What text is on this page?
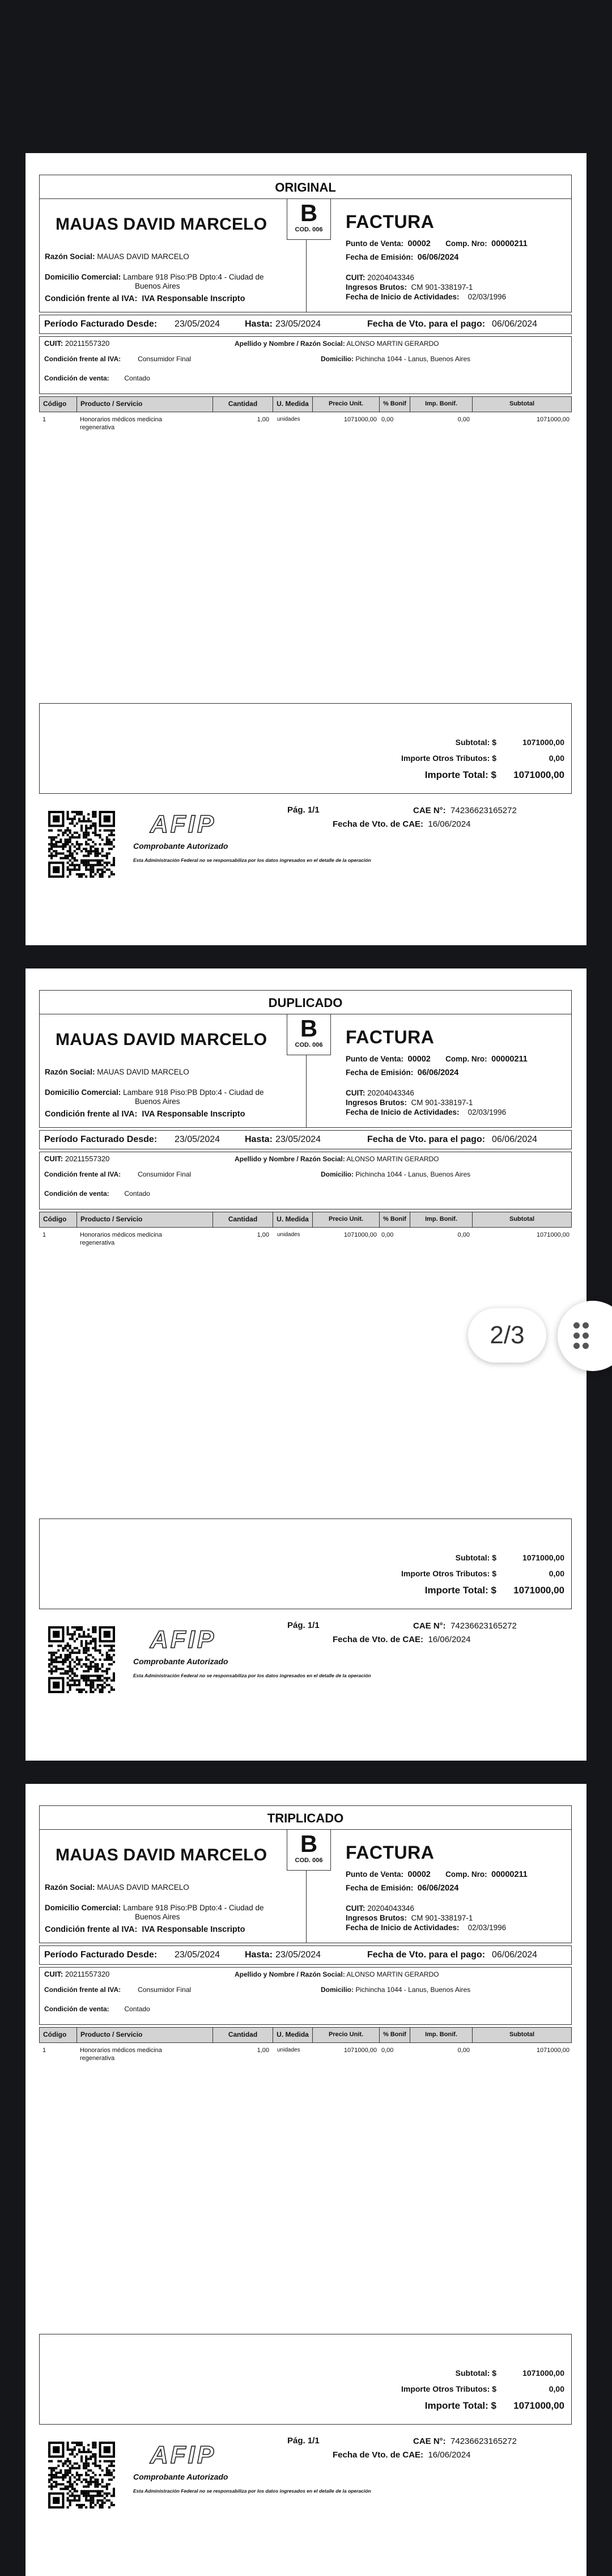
ORIGINAL
B
COD. 006
MAUAS DAVID MARCELO
Razón Social: MAUAS DAVID MARCELO
Domicilio Comercial: Lambare 918 Piso:PB Dpto:4 - Ciudad de
Buenos Aires
Condición frente al IVA: IVA Responsable Inscripto
FACTURA
Punto de Venta: 00002 Comp. Nro: 00000211
Fecha de Emisión: 06/06/2024
CUIT: 20204043346
Ingresos Brutos: CM 901-338197-1
Fecha de Inicio de Actividades: 02/03/1996
Período Facturado Desde: 23/05/2024	Hasta: 23/05/2024	Fecha de Vto. para el pago: 06/06/2024
CUIT: 20211557320	Apellido y Nombre / Razón Social: ALONSO MARTIN GERARDO
Condición frente al IVA:	Consumidor Final	Domicilio: Pichincha 1044 - Lanus, Buenos Aires
Condición de venta: Contado
Código	Producto / Servicio	Cantidad	U. Medida	Precio Unit.	% Bonif	Imp. Bonif.	Subtotal
1	Honorarios médicos medicina
regenerativa
1,00 unidades	1071000,00 0,00	0,00	1071000,00
Subtotal: $	1071000,00
Importe Otros Tributos: $	0,00
Importe Total: $ 1071000,00
AFIP
Comprobante Autorizado
Esta Administración Federal no se responsabiliza por los datos ingresados en el detalle de la operación
Pág. 1/1	CAE N°: 74236623165272
Fecha de Vto. de CAE: 16/06/2024
DUPLICADO
B
COD. 006
MAUAS DAVID MARCELO
Razón Social: MAUAS DAVID MARCELO
Domicilio Comercial: Lambare 918 Piso:PB Dpto:4 - Ciudad de
Buenos Aires
Condición frente al IVA: IVA Responsable Inscripto
FACTURA
Punto de Venta: 00002 Comp. Nro: 00000211
Fecha de Emisión: 06/06/2024
CUIT: 20204043346
Ingresos Brutos: CM 901-338197-1
Fecha de Inicio de Actividades: 02/03/1996
Período Facturado Desde: 23/05/2024	Hasta: 23/05/2024	Fecha de Vto. para el pago: 06/06/2024
CUIT: 20211557320	Apellido y Nombre / Razón Social: ALONSO MARTIN GERARDO
Condición frente al IVA:	Consumidor Final	Domicilio: Pichincha 1044 - Lanus, Buenos Aires
Condición de venta: Contado
Código	Producto / Servicio	Cantidad	U. Medida	Precio Unit.	% Bonif	Imp. Bonif.	Subtotal
1	Honorarios médicos medicina
regenerativa
1,00 unidades	1071000,00 0,00	0,00	1071000,00
Subtotal: $	1071000,00
Importe Otros Tributos: $	0,00
Importe Total: $ 1071000,00
AFIP
Comprobante Autorizado
Esta Administración Federal no se responsabiliza por los datos ingresados en el detalle de la operación
Pág. 1/1	CAE N°: 74236623165272
Fecha de Vto. de CAE: 16/06/2024
TRIPLICADO
B
COD. 006
MAUAS DAVID MARCELO
Razón Social: MAUAS DAVID MARCELO
Domicilio Comercial: Lambare 918 Piso:PB Dpto:4 - Ciudad de
Buenos Aires
Condición frente al IVA: IVA Responsable Inscripto
FACTURA
Punto de Venta: 00002 Comp. Nro: 00000211
Fecha de Emisión: 06/06/2024
CUIT: 20204043346
Ingresos Brutos: CM 901-338197-1
Fecha de Inicio de Actividades: 02/03/1996
Período Facturado Desde: 23/05/2024	Hasta: 23/05/2024	Fecha de Vto. para el pago: 06/06/2024
CUIT: 20211557320	Apellido y Nombre / Razón Social: ALONSO MARTIN GERARDO
Condición frente al IVA:	Consumidor Final	Domicilio: Pichincha 1044 - Lanus, Buenos Aires
Condición de venta: Contado
Código	Producto / Servicio	Cantidad	U. Medida	Precio Unit.	% Bonif	Imp. Bonif.	Subtotal
1	Honorarios médicos medicina
regenerativa
1,00 unidades	1071000,00 0,00	0,00	1071000,00
Subtotal: $	1071000,00
Importe Otros Tributos: $	0,00
Importe Total: $ 1071000,00
AFIP
Comprobante Autorizado
Esta Administración Federal no se responsabiliza por los datos ingresados en el detalle de la operación
Pág. 1/1	CAE N°: 74236623165272
Fecha de Vto. de CAE: 16/06/2024
2/3
